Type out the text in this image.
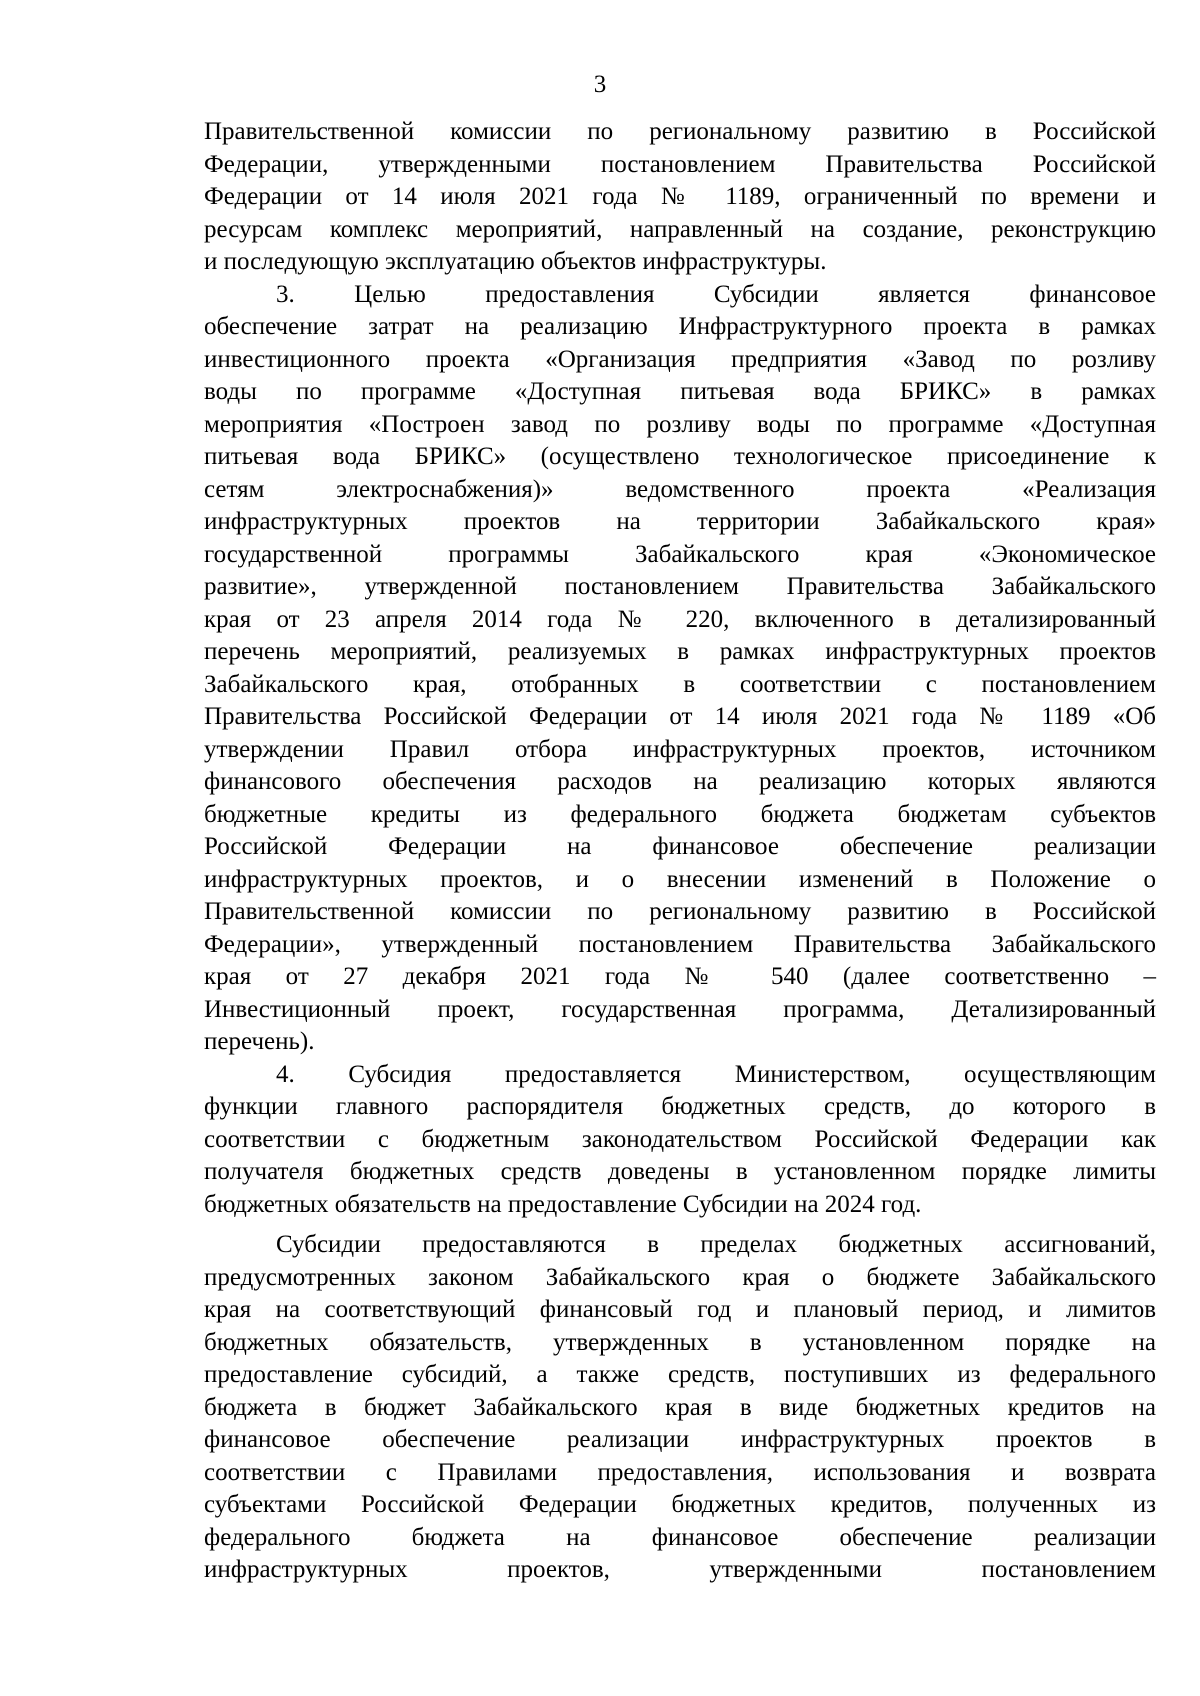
3
Правительственной комиссии по региональному развитию в Российской
Федерации, утвержденными постановлением Правительства Российской
Федерации от 14 июля 2021 года № 1189, ограниченный по времени и
ресурсам комплекс мероприятий, направленный на создание, реконструкцию
и последующую эксплуатацию объектов инфраструктуры.
3. Целью предоставления Субсидии является финансовое
обеспечение затрат на реализацию Инфраструктурного проекта в рамках
инвестиционного проекта «Организация предприятия «Завод по розливу
воды по программе «Доступная питьевая вода БРИКС» в рамках
мероприятия «Построен завод по розливу воды по программе «Доступная
питьевая вода БРИКС» (осуществлено технологическое присоединение к
сетям электроснабжения)» ведомственного проекта «Реализация
инфраструктурных проектов на территории Забайкальского края»
государственной программы Забайкальского края «Экономическое
развитие», утвержденной постановлением Правительства Забайкальского
края от 23 апреля 2014 года № 220, включенного в детализированный
перечень мероприятий, реализуемых в рамках инфраструктурных проектов
Забайкальского края, отобранных в соответствии с постановлением
Правительства Российской Федерации от 14 июля 2021 года № 1189 «Об
утверждении Правил отбора инфраструктурных проектов, источником
финансового обеспечения расходов на реализацию которых являются
бюджетные кредиты из федерального бюджета бюджетам субъектов
Российской Федерации на финансовое обеспечение реализации
инфраструктурных проектов, и о внесении изменений в Положение о
Правительственной комиссии по региональному развитию в Российской
Федерации», утвержденный постановлением Правительства Забайкальского
края от 27 декабря 2021 года № 540 (далее соответственно –
Инвестиционный проект, государственная программа, Детализированный
перечень).
4. Субсидия предоставляется Министерством, осуществляющим
функции главного распорядителя бюджетных средств, до которого в
соответствии с бюджетным законодательством Российской Федерации как
получателя бюджетных средств доведены в установленном порядке лимиты
бюджетных обязательств на предоставление Субсидии на 2024 год.
Субсидии предоставляются в пределах бюджетных ассигнований,
предусмотренных законом Забайкальского края о бюджете Забайкальского
края на соответствующий финансовый год и плановый период, и лимитов
бюджетных обязательств, утвержденных в установленном порядке на
предоставление субсидий, а также средств, поступивших из федерального
бюджета в бюджет Забайкальского края в виде бюджетных кредитов на
финансовое обеспечение реализации инфраструктурных проектов в
соответствии с Правилами предоставления, использования и возврата
субъектами Российской Федерации бюджетных кредитов, полученных из
федерального бюджета на финансовое обеспечение реализации
инфраструктурных проектов, утвержденными постановлением
